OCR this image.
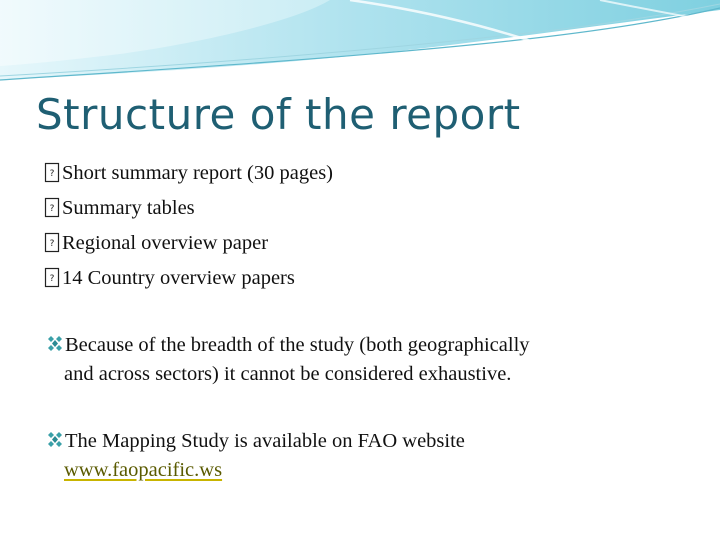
Structure of the report
? Short summary report (30 pages)
? Summary tables
? Regional overview paper
? 14 Country overview papers
Because of the breadth of the study (both geographically
and across sectors) it cannot be considered exhaustive.
The Mapping Study is available on FAO website
www.faopacific.ws
